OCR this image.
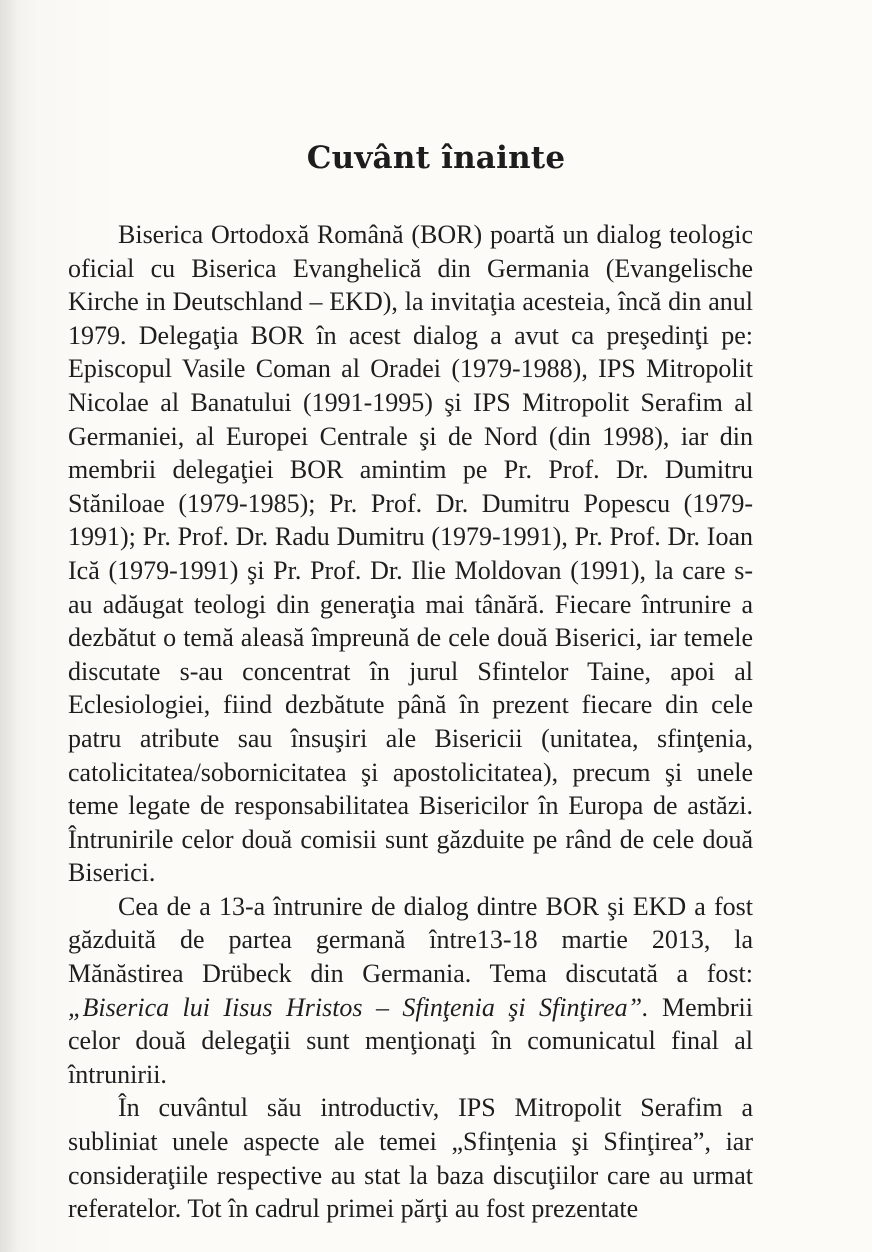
Cuvânt înainte

Biserica Ortodoxă Română (BOR) poartă un dialog teologic oficial cu Biserica Evanghelică din Germania (Evangelische Kirche in Deutschland – EKD), la invitaţia acesteia, încă din anul 1979. Delegaţia BOR în acest dialog a avut ca preşedinţi pe: Episcopul Vasile Coman al Oradei (1979-1988), IPS Mitropolit Nicolae al Banatului (1991-1995) şi IPS Mitropolit Serafim al Germaniei, al Europei Centrale şi de Nord (din 1998), iar din membrii delegaţiei BOR amintim pe Pr. Prof. Dr. Dumitru Stăniloae (1979-1985); Pr. Prof. Dr. Dumitru Popescu (1979-1991); Pr. Prof. Dr. Radu Dumitru (1979-1991), Pr. Prof. Dr. Ioan Ică (1979-1991) şi Pr. Prof. Dr. Ilie Moldovan (1991), la care s-au adăugat teologi din generaţia mai tânără. Fiecare întrunire a dezbătut o temă aleasă împreună de cele două Biserici, iar temele discutate s-au concentrat în jurul Sfintelor Taine, apoi al Eclesiologiei, fiind dezbătute până în prezent fiecare din cele patru atribute sau însuşiri ale Bisericii (unitatea, sfinţenia, catolicitatea/sobornicitatea şi apostolicitatea), precum şi unele teme legate de responsabilitatea Bisericilor în Europa de astăzi. Întrunirile celor două comisii sunt găzduite pe rând de cele două Biserici.

Cea de a 13-a întrunire de dialog dintre BOR şi EKD a fost găzduită de partea germană între13-18 martie 2013, la Mănăstirea Drübeck din Germania. Tema discutată a fost: „Biserica lui Iisus Hristos – Sfinţenia şi Sfinţirea”. Membrii celor două delegaţii sunt menţionaţi în comunicatul final al întrunirii.

În cuvântul său introductiv, IPS Mitropolit Serafim a subliniat unele aspecte ale temei „Sfinţenia şi Sfinţirea”, iar consideraţiile respective au stat la baza discuţiilor care au urmat referatelor. Tot în cadrul primei părţi au fost prezentate
